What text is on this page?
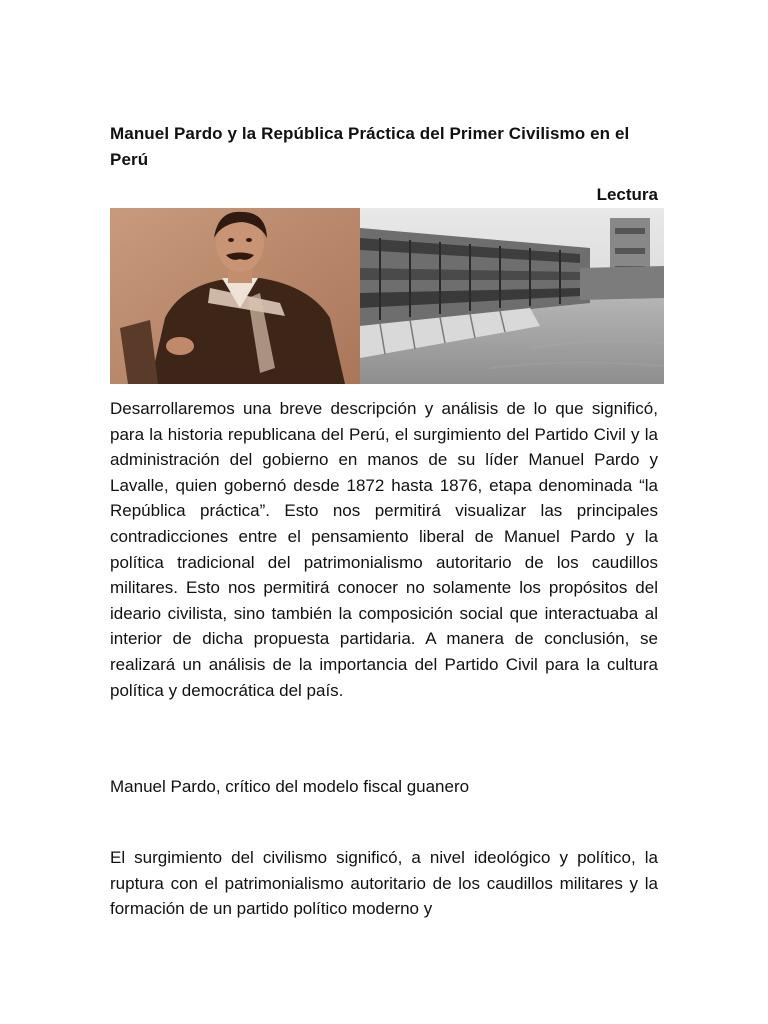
Manuel Pardo y la República Práctica del Primer Civilismo en el Perú
Lectura

Desarrollaremos una breve descripción y análisis de lo que significó, para la historia republicana del Perú, el surgimiento del Partido Civil y la administración del gobierno en manos de su líder Manuel Pardo y Lavalle, quien gobernó desde 1872 hasta 1876, etapa denominada “la República práctica”. Esto nos permitirá visualizar las principales contradicciones entre el pensamiento liberal de Manuel Pardo y la política tradicional del patrimonialismo autoritario de los caudillos militares. Esto nos permitirá conocer no solamente los propósitos del ideario civilista, sino también la composición social que interactuaba al interior de dicha propuesta partidaria. A manera de conclusión, se realizará un análisis de la importancia del Partido Civil para la cultura política y democrática del país.

Manuel Pardo, crítico del modelo fiscal guanero

El surgimiento del civilismo significó, a nivel ideológico y político, la ruptura con el patrimonialismo autoritario de los caudillos militares y la formación de un partido político moderno y
